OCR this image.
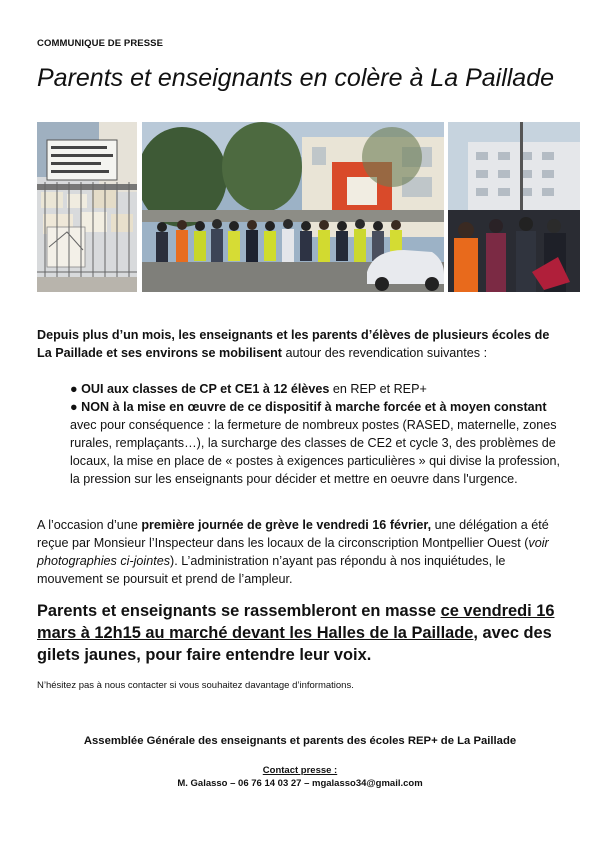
COMMUNIQUE DE PRESSE
Parents et enseignants en colère à La Paillade
Depuis plus d’un mois, les enseignants et les parents d’élèves de plusieurs écoles de La Paillade et ses environs se mobilisent autour des revendication suivantes :
● OUI aux classes de CP et CE1 à 12 élèves en REP et REP+
● NON à la mise en œuvre de ce dispositif à marche forcée et à moyen constant avec pour conséquence : la fermeture de nombreux postes (RASED, maternelle, zones rurales, remplaçants…), la surcharge des classes de CE2 et cycle 3, des problèmes de locaux, la mise en place de « postes à exigences particulières » qui divise la profession, la pression sur les enseignants pour décider et mettre en oeuvre dans l'urgence.
A l’occasion d’une première journée de grève le vendredi 16 février, une délégation a été reçue par Monsieur l’Inspecteur dans les locaux de la circonscription Montpellier Ouest (voir photographies ci-jointes). L’administration n’ayant pas répondu à nos inquiétudes, le mouvement se poursuit et prend de l’ampleur.
Parents et enseignants se rassembleront en masse ce vendredi 16 mars à 12h15 au marché devant les Halles de la Paillade, avec des gilets jaunes, pour faire entendre leur voix.
N’hésitez pas à nous contacter si vous souhaitez davantage d’informations.
Assemblée Générale des enseignants et parents des écoles REP+ de La Paillade
Contact presse :
M. Galasso – 06 76 14 03 27 – mgalasso34@gmail.com
